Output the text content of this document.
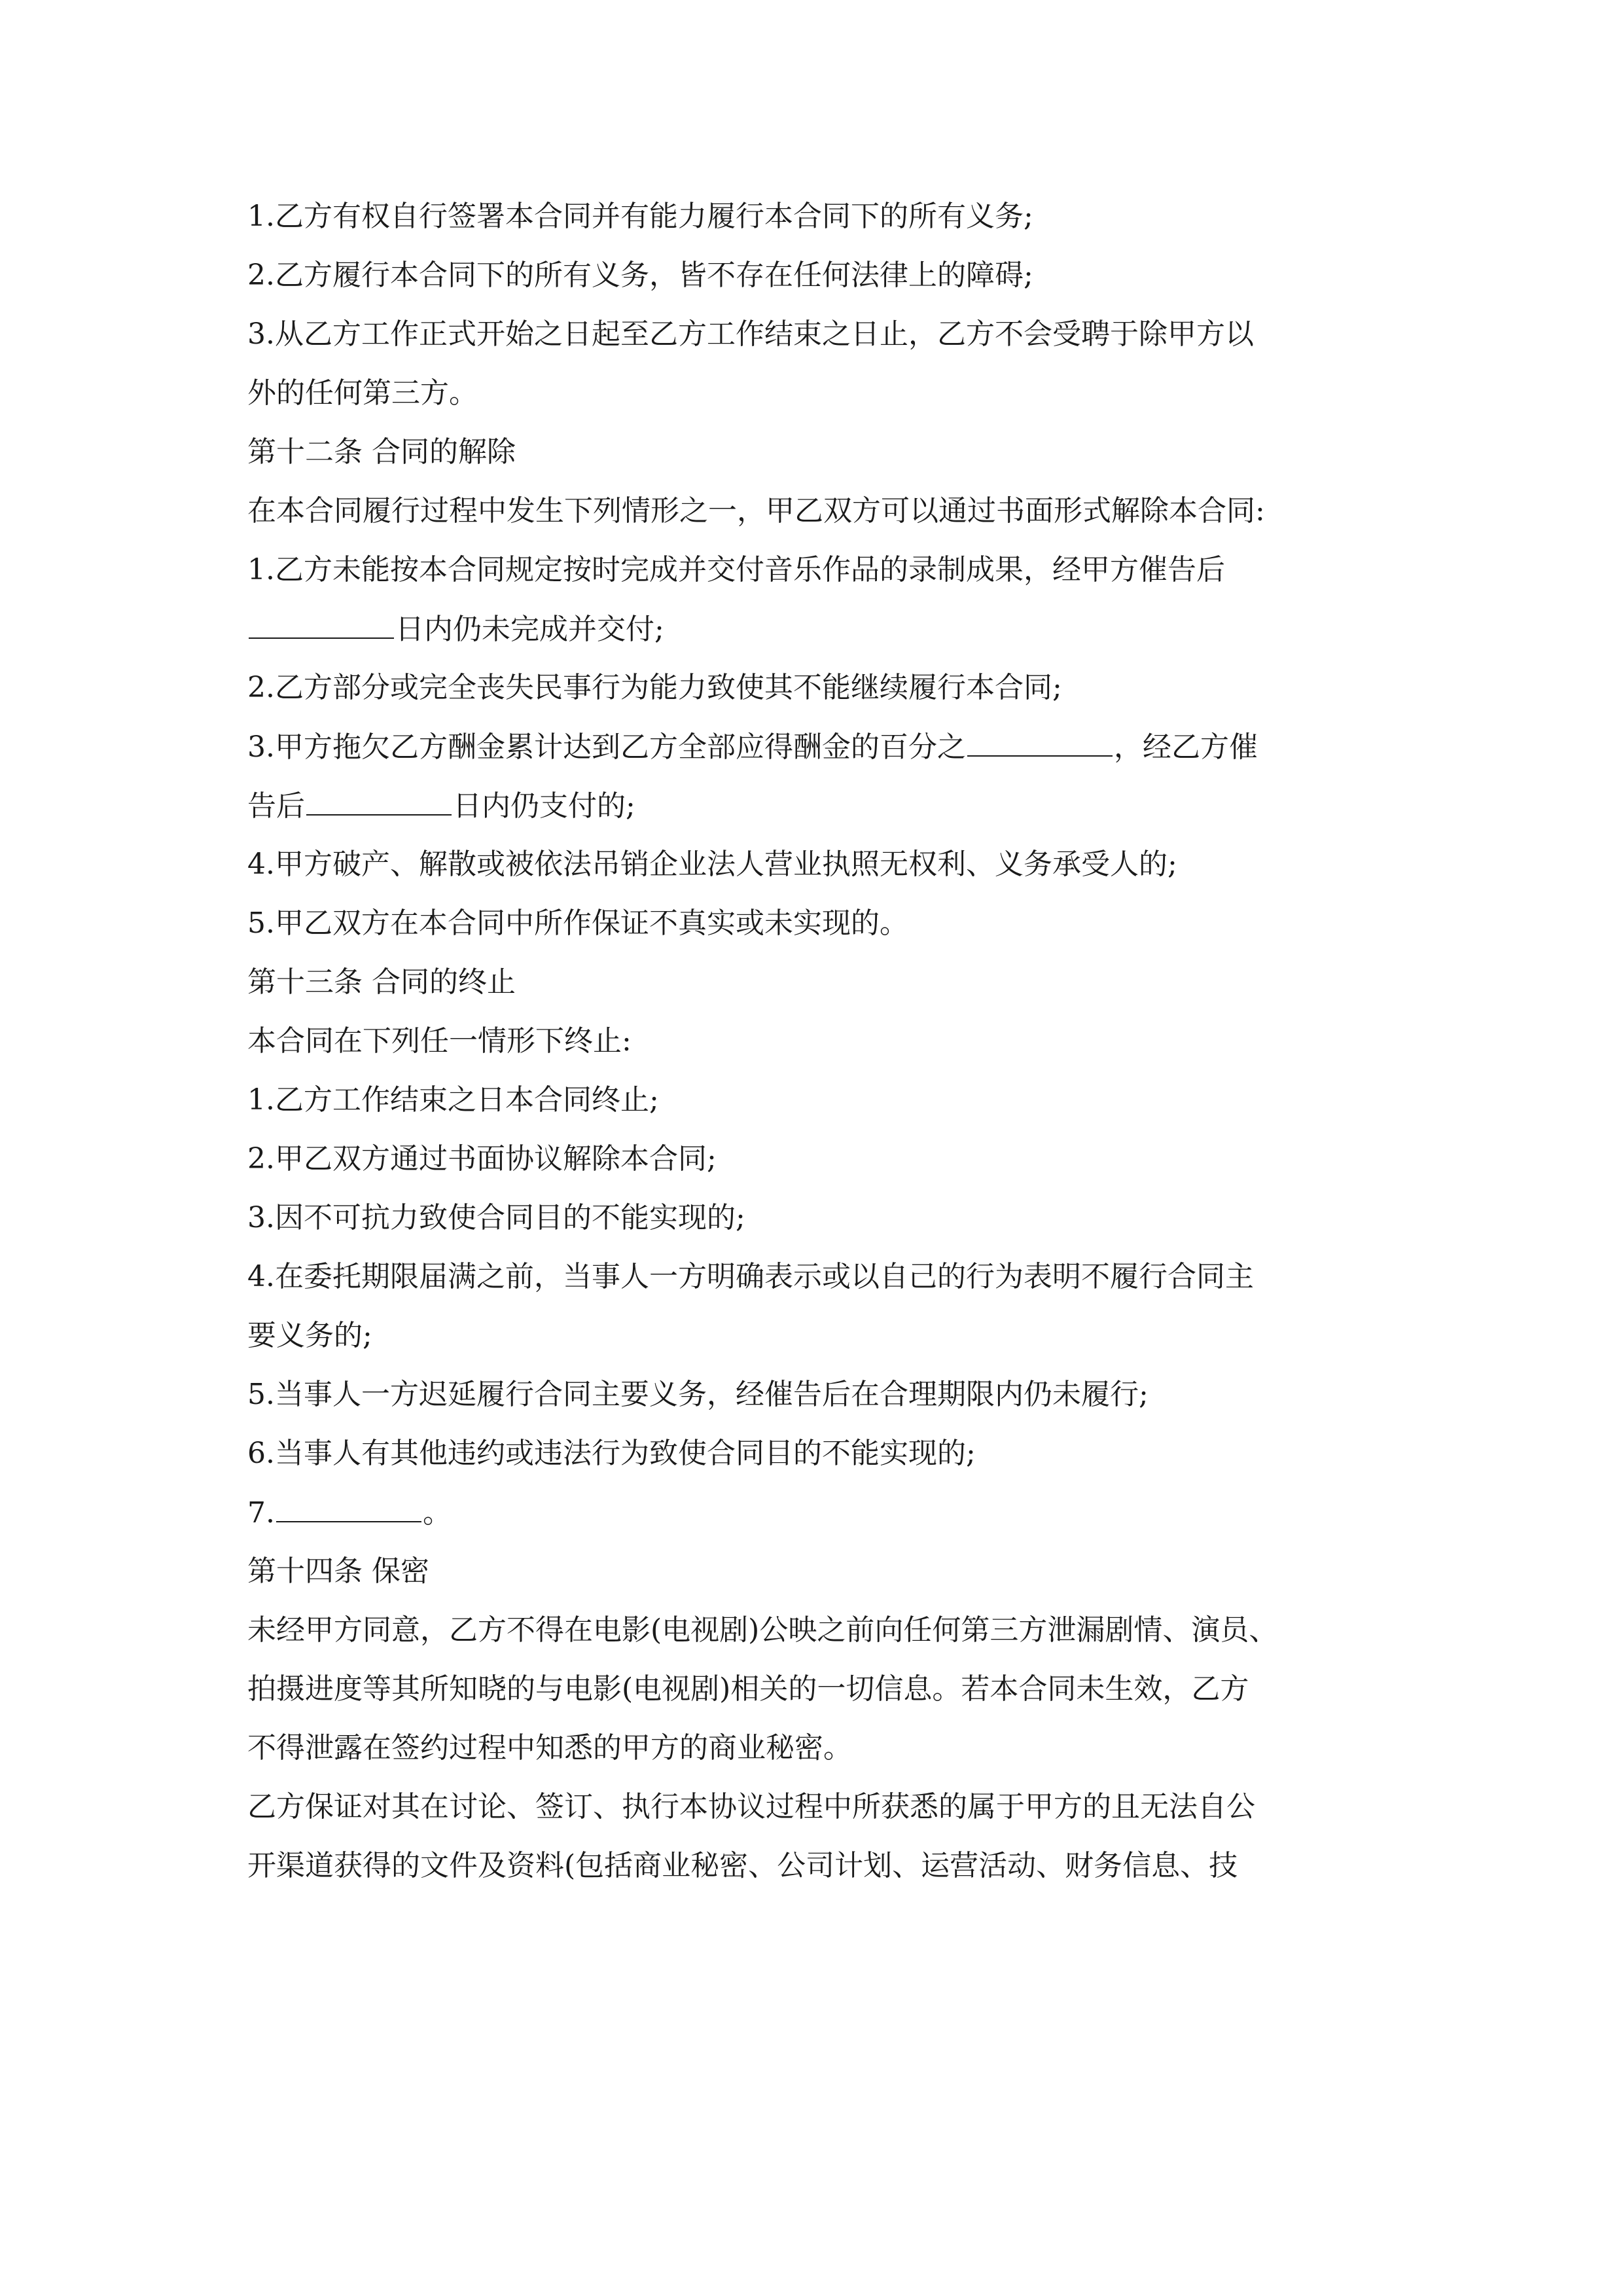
1.乙方有权自行签署本合同并有能力履行本合同下的所有义务;

2.乙方履行本合同下的所有义务，皆不存在任何法律上的障碍;

3.从乙方工作正式开始之日起至乙方工作结束之日止，乙方不会受聘于除甲方以

外的任何第三方。

第十二条 合同的解除

在本合同履行过程中发生下列情形之一，甲乙双方可以通过书面形式解除本合同:

1.乙方未能按本合同规定按时完成并交付音乐作品的录制成果，经甲方催告后

日内仍未完成并交付;

2.乙方部分或完全丧失民事行为能力致使其不能继续履行本合同;

3.甲方拖欠乙方酬金累计达到乙方全部应得酬金的百分之	，经乙方催

告后	日内仍支付的;

4.甲方破产、解散或被依法吊销企业法人营业执照无权利、义务承受人的;

5.甲乙双方在本合同中所作保证不真实或未实现的。

第十三条 合同的终止

本合同在下列任一情形下终止:

1.乙方工作结束之日本合同终止;

2.甲乙双方通过书面协议解除本合同;

3.因不可抗力致使合同目的不能实现的;

4.在委托期限届满之前，当事人一方明确表示或以自己的行为表明不履行合同主

要义务的;

5.当事人一方迟延履行合同主要义务，经催告后在合理期限内仍未履行;

6.当事人有其他违约或违法行为致使合同目的不能实现的;

7.	。

第十四条 保密

未经甲方同意，乙方不得在电影(电视剧)公映之前向任何第三方泄漏剧情、演员、

拍摄进度等其所知晓的与电影(电视剧)相关的一切信息。若本合同未生效，乙方

不得泄露在签约过程中知悉的甲方的商业秘密。

乙方保证对其在讨论、签订、执行本协议过程中所获悉的属于甲方的且无法自公

开渠道获得的文件及资料(包括商业秘密、公司计划、运营活动、财务信息、技
